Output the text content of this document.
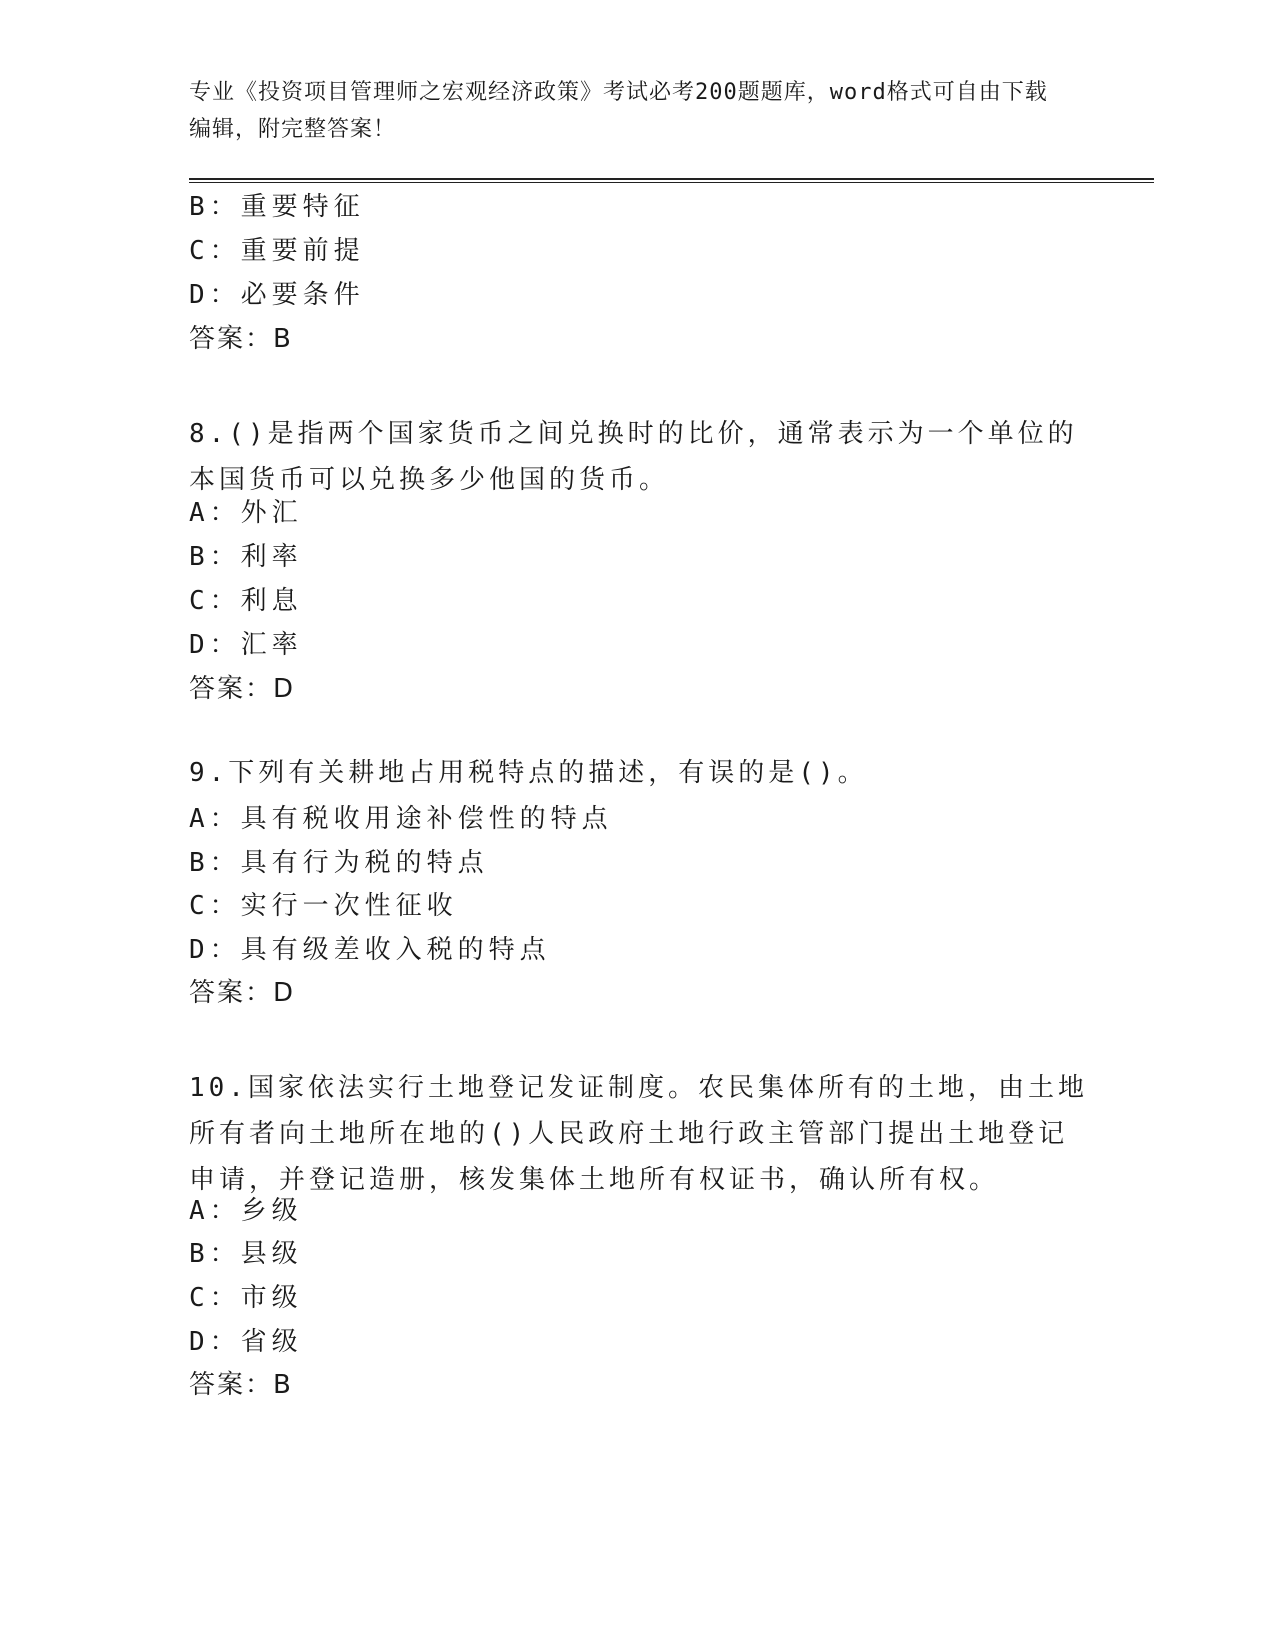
专业《投资项目管理师之宏观经济政策》考试必考200题题库，word格式可自由下载编辑，附完整答案！
B：重要特征
C：重要前提
D：必要条件
答案：B
8.()是指两个国家货币之间兑换时的比价，通常表示为一个单位的本国货币可以兑换多少他国的货币。
A：外汇
B：利率
C：利息
D：汇率
答案：D
9.下列有关耕地占用税特点的描述，有误的是()。
A：具有税收用途补偿性的特点
B：具有行为税的特点
C：实行一次性征收
D：具有级差收入税的特点
答案：D
10.国家依法实行土地登记发证制度。农民集体所有的土地，由土地所有者向土地所在地的()人民政府土地行政主管部门提出土地登记申请，并登记造册，核发集体土地所有权证书，确认所有权。
A：乡级
B：县级
C：市级
D：省级
答案：B
